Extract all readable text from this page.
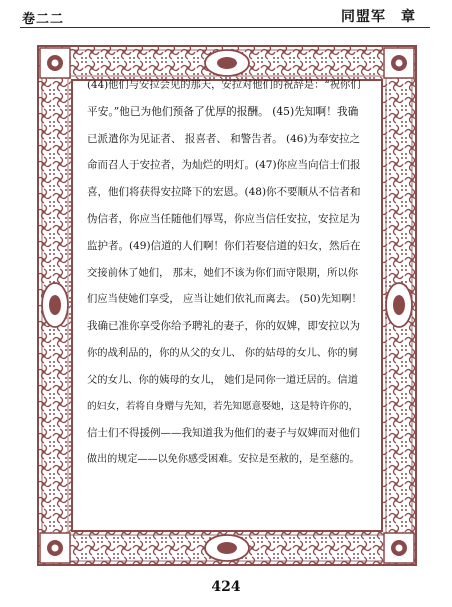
卷二二	同盟军　章
(44)他们与安拉会见的那天，安拉对他们的祝辞是：“祝你们
平安。”他已为他们预备了优厚的报酬。 (45)先知啊！我确
已派遣你为见证者、 报喜者、 和警告者。 (46)为奉安拉之
命而召人于安拉者，为灿烂的明灯。(47)你应当向信士们报
喜，他们将获得安拉降下的宏恩。(48)你不要顺从不信者和
伪信者，你应当任随他们辱骂，你应当信任安拉，安拉足为
监护者。(49)信道的人们啊！你们若娶信道的妇女，然后在
交接前休了她们， 那末，她们不该为你们而守限期，所以你
们应当使她们享受， 应当让她们依礼而离去。 (50)先知啊！
我确已准你享受你给予聘礼的妻子，你的奴婢，即安拉以为
你的战利品的，你的从父的女儿、 你的姑母的女儿、你的舅
父的女儿、你的姨母的女儿， 她们是同你一道迁居的。信道
的妇女，若将自身赠与先知，若先知愿意娶她，这是特许你的，
信士们不得援例——我知道我为他们的妻子与奴婢而对他们
做出的规定——以免你感受困难。安拉是至赦的，是至慈的。
424
